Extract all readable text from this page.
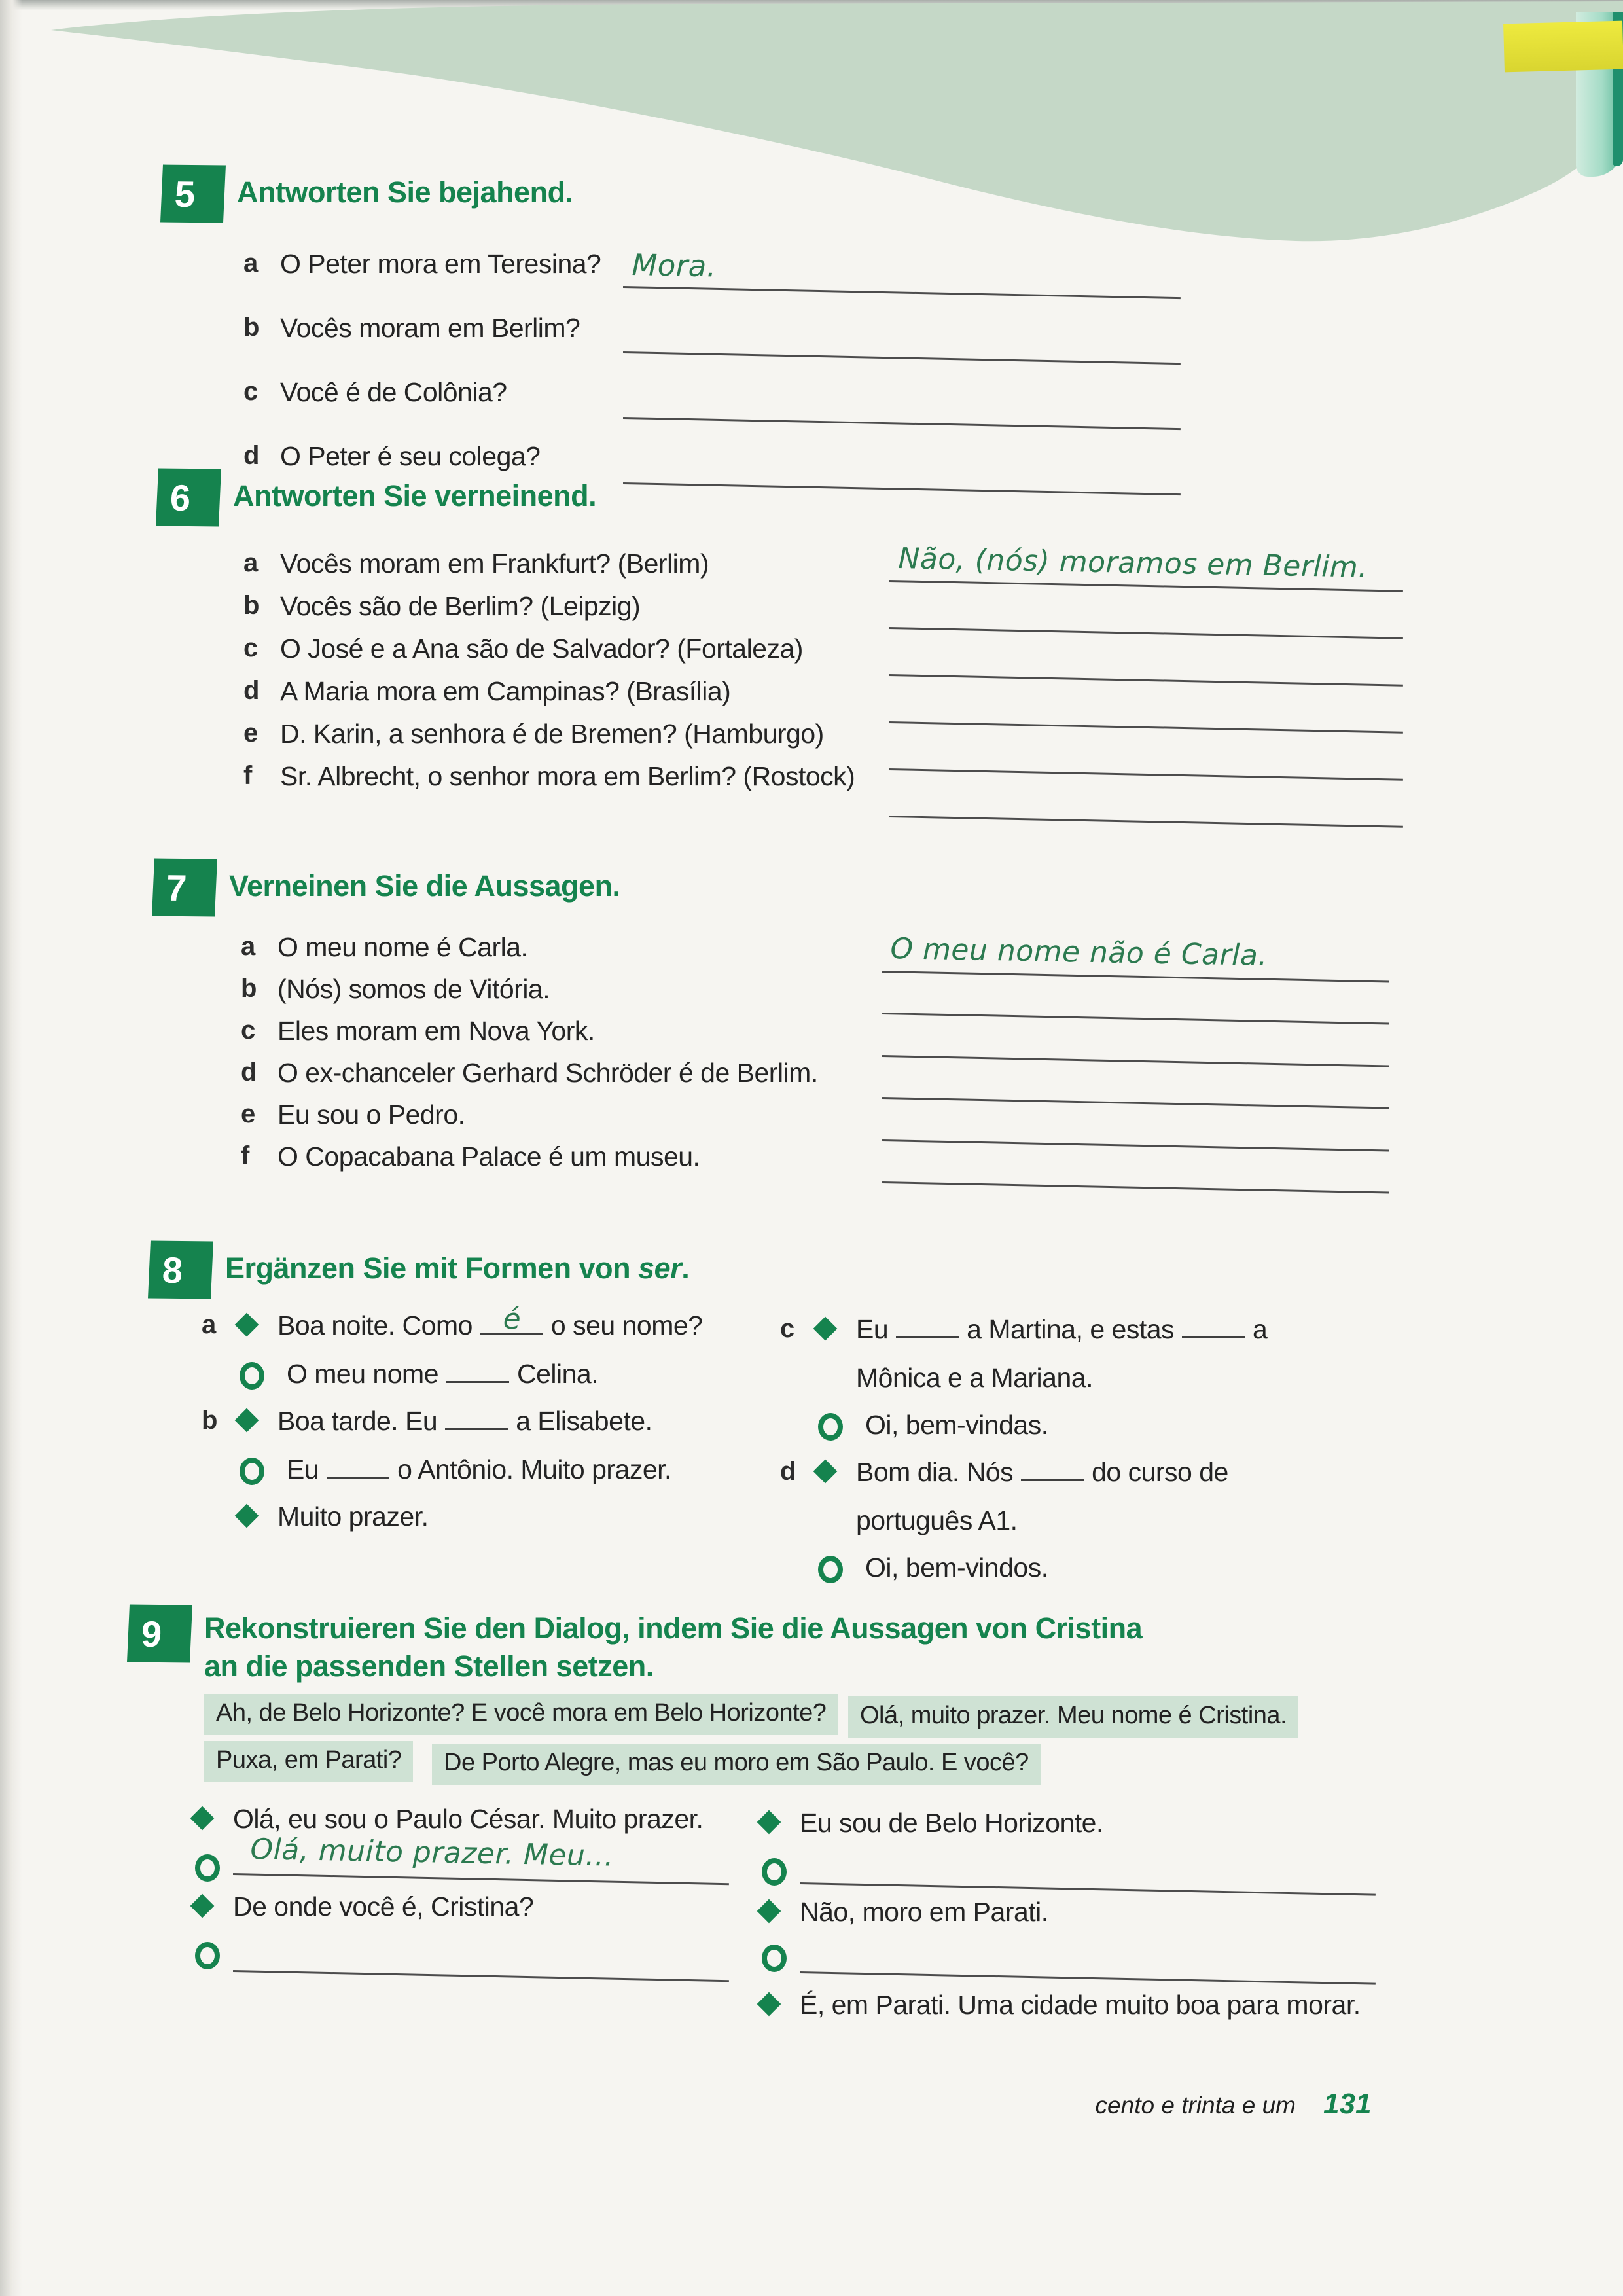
5 Antworten Sie bejahend.
a O Peter mora em Teresina?
b Vocês moram em Berlim?
c Você é de Colônia?
d O Peter é seu colega?
Mora.
6 Antworten Sie verneinend.
a Vocês moram em Frankfurt? (Berlim)
b Vocês são de Berlim? (Leipzig)
c O José e a Ana são de Salvador? (Fortaleza)
d A Maria mora em Campinas? (Brasília)
e D. Karin, a senhora é de Bremen? (Hamburgo)
f	Sr. Albrecht, o senhor mora em Berlim? (Rostock)
Não, (nós) moramos em Berlim.
7 Verneinen Sie die Aussagen.
a O meu nome é Carla.
b (Nós) somos de Vitória.
c Eles moram em Nova York.
d O ex-chanceler Gerhard Schröder é de Berlim.
e Eu sou o Pedro.
f	O Copacabana Palace é um museu.
O meu nome não é Carla.
8 Ergänzen Sie mit Formen von ser.
a	Boa noite. Como	é	o seu nome?
O meu nome	Celina.
b	Boa tarde. Eu	a Elisabete.
Eu	o Antônio. Muito prazer.
Muito prazer.
c	Eu	a Martina, e estas	a
Mônica e a Mariana.
Oi, bem-vindas.
d	Bom dia. Nós	do curso de
português A1.
Oi, bem-vindos.
9 Rekonstruieren Sie den Dialog, indem Sie die Aussagen von Cristina
an die passenden Stellen setzen.
Ah, de Belo Horizonte? E você mora em Belo Horizonte?	Olá, muito prazer. Meu nome é Cristina.
Puxa, em Parati?	De Porto Alegre, mas eu moro em São Paulo. E você?
Olá, eu sou o Paulo César. Muito prazer.
Olá, muito prazer. Meu...
De onde você é, Cristina?
Eu sou de Belo Horizonte.
Não, moro em Parati.
É, em Parati. Uma cidade muito boa para morar.
cento e trinta e um 131
